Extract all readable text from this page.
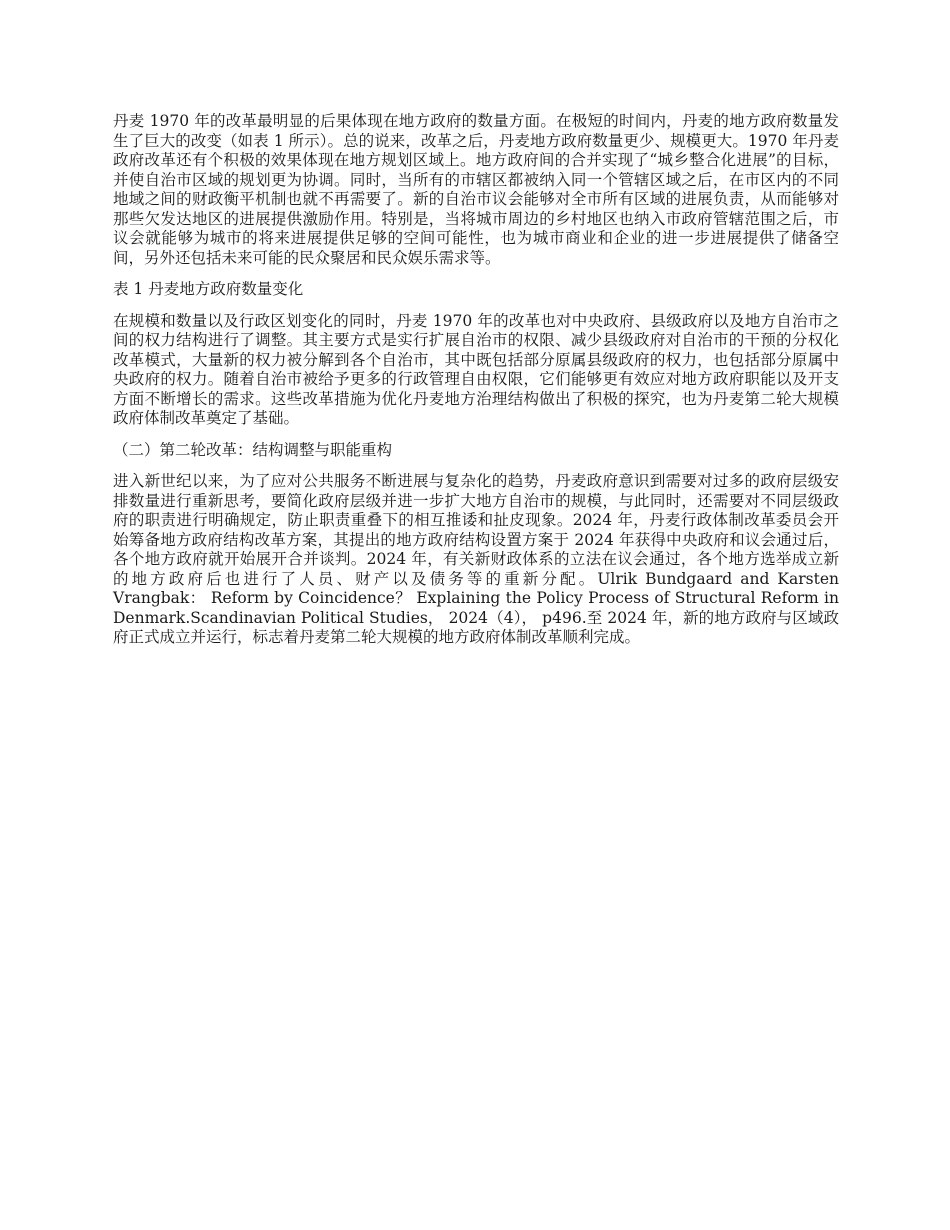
丹麦 1970 年的改革最明显的后果体现在地方政府的数量方面。在极短的时间内，丹麦的地方政府数量发生了巨大的改变（如表 1 所示）。总的说来，改革之后，丹麦地方政府数量更少、规模更大。1970 年丹麦政府改革还有个积极的效果体现在地方规划区域上。地方政府间的合并实现了“城乡整合化进展”的目标，并使自治市区域的规划更为协调。同时，当所有的市辖区都被纳入同一个管辖区域之后，在市区内的不同地域之间的财政衡平机制也就不再需要了。新的自治市议会能够对全市所有区域的进展负责，从而能够对那些欠发达地区的进展提供激励作用。特别是，当将城市周边的乡村地区也纳入市政府管辖范围之后，市议会就能够为城市的将来进展提供足够的空间可能性，也为城市商业和企业的进一步进展提供了储备空间，另外还包括未来可能的民众聚居和民众娱乐需求等。

表 1 丹麦地方政府数量变化

在规模和数量以及行政区划变化的同时，丹麦 1970 年的改革也对中央政府、县级政府以及地方自治市之间的权力结构进行了调整。其主要方式是实行扩展自治市的权限、减少县级政府对自治市的干预的分权化改革模式，大量新的权力被分解到各个自治市，其中既包括部分原属县级政府的权力，也包括部分原属中央政府的权力。随着自治市被给予更多的行政管理自由权限，它们能够更有效应对地方政府职能以及开支方面不断增长的需求。这些改革措施为优化丹麦地方治理结构做出了积极的探究，也为丹麦第二轮大规模政府体制改革奠定了基础。

（二）第二轮改革：结构调整与职能重构

进入新世纪以来，为了应对公共服务不断进展与复杂化的趋势，丹麦政府意识到需要对过多的政府层级安排数量进行重新思考，要简化政府层级并进一步扩大地方自治市的规模，与此同时，还需要对不同层级政府的职责进行明确规定，防止职责重叠下的相互推诿和扯皮现象。2024 年，丹麦行政体制改革委员会开始筹备地方政府结构改革方案，其提出的地方政府结构设置方案于 2024 年获得中央政府和议会通过后，各个地方政府就开始展开合并谈判。2024 年，有关新财政体系的立法在议会通过，各个地方选举成立新的地方政府后也进行了人员、财产以及债务等的重新分配。Ulrik Bundgaard and Karsten Vrangbak： Reform by Coincidence？ Explaining the Policy Process of Structural Reform in Denmark.Scandinavian Political Studies， 2024（4）， p496.至 2024 年，新的地方政府与区域政府正式成立并运行，标志着丹麦第二轮大规模的地方政府体制改革顺利完成。
